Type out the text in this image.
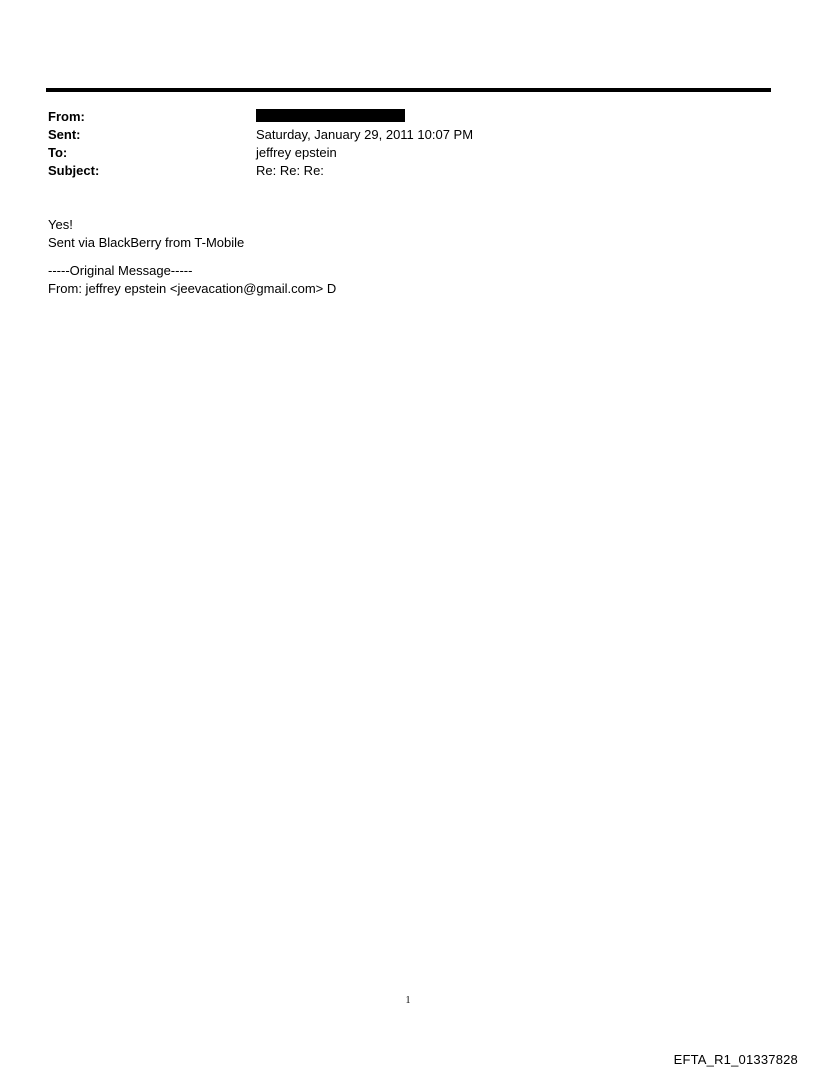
From:
Sent:	Saturday, January 29, 2011 10:07 PM
To:	jeffrey epstein
Subject:	Re: Re: Re:
Yes!
Sent via BlackBerry from T-Mobile
-----Original Message-----
From: jeffrey epstein <jeevacation@gmail.com> D
1
EFTA_R1_01337828
